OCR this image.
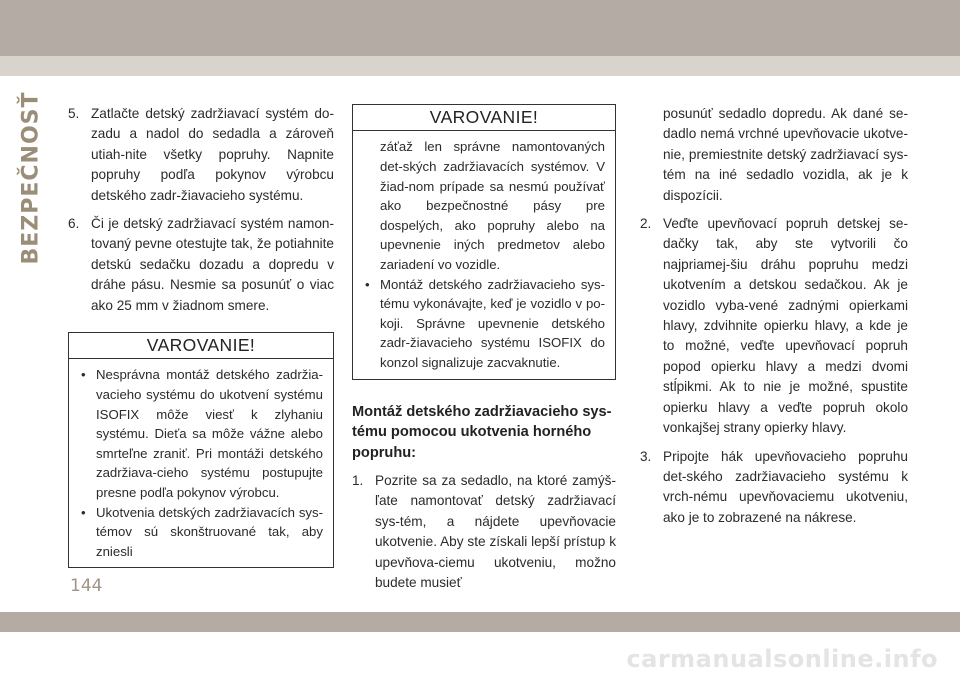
BEZPEČNOSŤ 5. Zatlačte detský zadržiavací systém do-zadu a nadol do sedadla a zároveň utiah-nite všetky popruhy. Napnite popruhy podľa pokynov výrobcu detského zadr-žiavacieho systému.
6. Či je detský zadržiavací systém namon-tovaný pevne otestujte tak, že potiahnite detskú sedačku dozadu a dopredu v dráhe pásu. Nesmie sa posunúť o viac ako 25 mm v žiadnom smere.
VAROVANIE!
• Nesprávna montáž detského zadržia-vacieho systému do ukotvení systému ISOFIX môže viesť k zlyhaniu systému. Dieťa sa môže vážne alebo smrteľne zraniť. Pri montáži detského zadržiava-cieho systému postupujte presne podľa pokynov výrobcu.
• Ukotvenia detských zadržiavacích sys-témov sú skonštruované tak, aby zniesli
VAROVANIE!
záťaž len správne namontovaných det-ských zadržiavacích systémov. V žiad-nom prípade sa nesmú používať ako bezpečnostné pásy pre dospelých, ako popruhy alebo na upevnenie iných predmetov alebo zariadení vo vozidle.
• Montáž detského zadržiavacieho sys-tému vykonávajte, keď je vozidlo v po-koji. Správne upevnenie detského zadr-žiavacieho systému ISOFIX do konzol signalizuje zacvaknutie.
Montáž detského zadržiavacieho sys-tému pomocou ukotvenia horného popruhu:
1. Pozrite sa za sedadlo, na ktoré zamýš-ľate namontovať detský zadržiavací sys-tém, a nájdete upevňovacie ukotvenie. Aby ste získali lepší prístup k upevňova-ciemu ukotveniu, možno budete musieť
posunúť sedadlo dopredu. Ak dané se-dadlo nemá vrchné upevňovacie ukotve-nie, premiestnite detský zadržiavací sys-tém na iné sedadlo vozidla, ak je k dispozícii.
2. Veďte upevňovací popruh detskej se-dačky tak, aby ste vytvorili čo najpriamej-šiu dráhu popruhu medzi ukotvením a detskou sedačkou. Ak je vozidlo vyba-vené zadnými opierkami hlavy, zdvihnite opierku hlavy, a kde je to možné, veďte upevňovací popruh popod opierku hlavy a medzi dvomi stĺpikmi. Ak to nie je možné, spustite opierku hlavy a veďte popruh okolo vonkajšej strany opierky hlavy.
3. Pripojte hák upevňovacieho popruhu det-ského zadržiavacieho systému k vrch-nému upevňovaciemu ukotveniu, ako je to zobrazené na nákrese.
144
carmanualsonline.info
